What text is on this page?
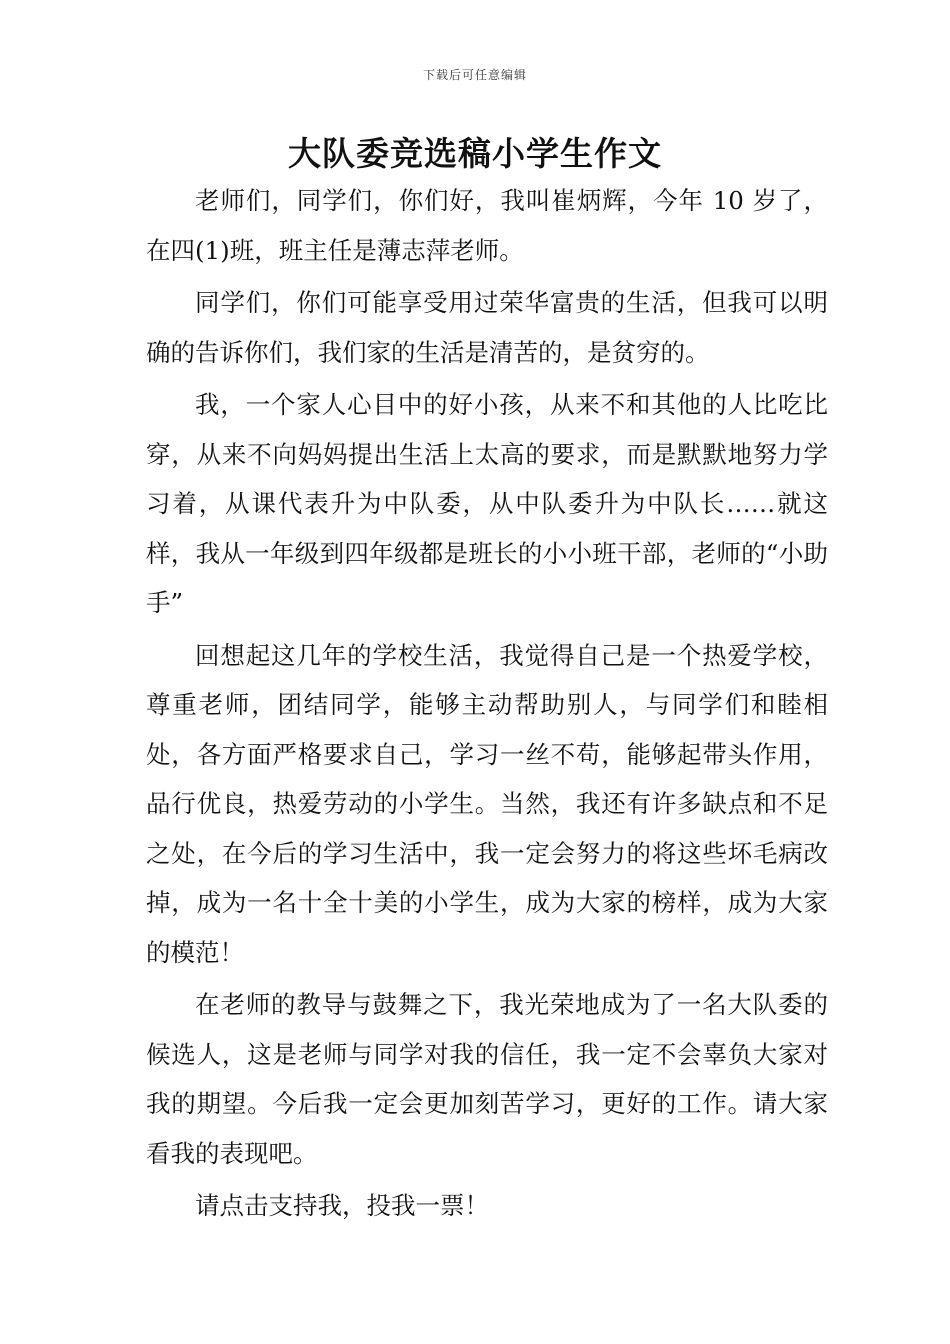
下载后可任意编辑
大队委竞选稿小学生作文

老师们，同学们，你们好，我叫崔炳辉，今年 10 岁了，在四(1)班，班主任是薄志萍老师。

同学们，你们可能享受用过荣华富贵的生活，但我可以明确的告诉你们，我们家的生活是清苦的，是贫穷的。

我，一个家人心目中的好小孩，从来不和其他的人比吃比穿，从来不向妈妈提出生活上太高的要求，而是默默地努力学习着，从课代表升为中队委，从中队委升为中队长……就这样，我从一年级到四年级都是班长的小小班干部，老师的“小助手”

回想起这几年的学校生活，我觉得自己是一个热爱学校，尊重老师，团结同学，能够主动帮助别人，与同学们和睦相处，各方面严格要求自己，学习一丝不苟，能够起带头作用，品行优良，热爱劳动的小学生。当然，我还有许多缺点和不足之处，在今后的学习生活中，我一定会努力的将这些坏毛病改掉，成为一名十全十美的小学生，成为大家的榜样，成为大家的模范！

在老师的教导与鼓舞之下，我光荣地成为了一名大队委的候选人，这是老师与同学对我的信任，我一定不会辜负大家对我的期望。今后我一定会更加刻苦学习，更好的工作。请大家看我的表现吧。

请点击支持我，投我一票！
